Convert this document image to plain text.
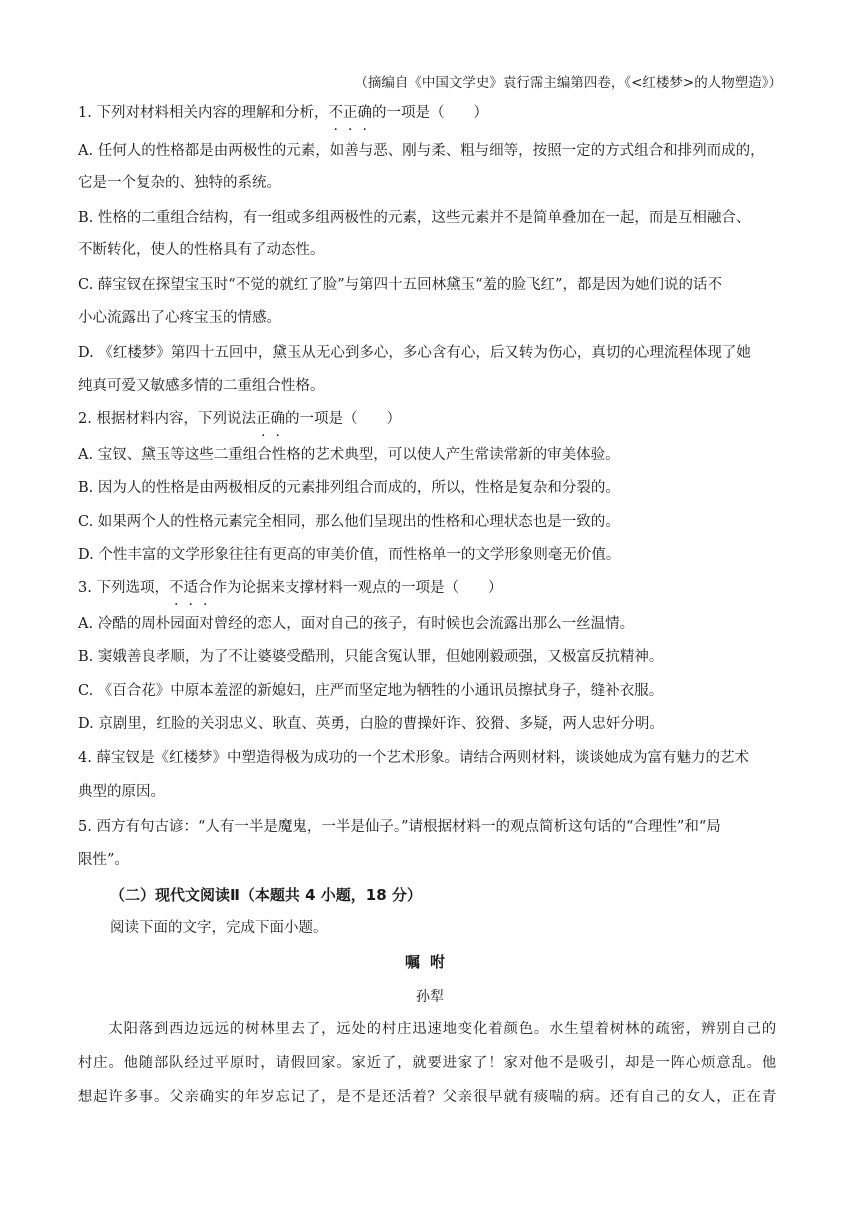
（摘编自《中国文学史》袁行霈主编第四卷，《<红楼梦>的人物塑造》）
1. 下列对材料相关内容的理解和分析，不正确的一项是（　　）
A. 任何人的性格都是由两极性的元素，如善与恶、刚与柔、粗与细等，按照一定的方式组合和排列而成的，
它是一个复杂的、独特的系统。
B. 性格的二重组合结构，有一组或多组两极性的元素，这些元素并不是简单叠加在一起，而是互相融合、
不断转化，使人的性格具有了动态性。
C. 薛宝钗在探望宝玉时“不觉的就红了脸”与第四十五回林黛玉“羞的脸飞红”，都是因为她们说的话不
小心流露出了心疼宝玉的情感。
D. 《红楼梦》第四十五回中，黛玉从无心到多心，多心含有心，后又转为伤心，真切的心理流程体现了她
纯真可爱又敏感多情的二重组合性格。
2. 根据材料内容，下列说法正确的一项是（　　）
A. 宝钗、黛玉等这些二重组合性格的艺术典型，可以使人产生常读常新的审美体验。
B. 因为人的性格是由两极相反的元素排列组合而成的，所以，性格是复杂和分裂的。
C. 如果两个人的性格元素完全相同，那么他们呈现出的性格和心理状态也是一致的。
D. 个性丰富的文学形象往往有更高的审美价值，而性格单一的文学形象则毫无价值。
3. 下列选项，不适合作为论据来支撑材料一观点的一项是（　　）
A. 冷酷的周朴园面对曾经的恋人，面对自己的孩子，有时候也会流露出那么一丝温情。
B. 窦娥善良孝顺，为了不让婆婆受酷刑，只能含冤认罪，但她刚毅顽强，又极富反抗精神。
C. 《百合花》中原本羞涩的新媳妇，庄严而坚定地为牺牲的小通讯员擦拭身子，缝补衣服。
D. 京剧里，红脸的关羽忠义、耿直、英勇，白脸的曹操奸诈、狡猾、多疑，两人忠奸分明。
4. 薛宝钗是《红楼梦》中塑造得极为成功的一个艺术形象。请结合两则材料，谈谈她成为富有魅力的艺术
典型的原因。
5. 西方有句古谚：“人有一半是魔鬼，一半是仙子。”请根据材料一的观点简析这句话的“合理性”和“局
限性”。
（二）现代文阅读Ⅱ（本题共 4 小题，18 分）
阅读下面的文字，完成下面小题。
嘱咐
孙犁
　　太阳落到西边远远的树林里去了，远处的村庄迅速地变化着颜色。水生望着树林的疏密，辨别自己的
村庄。他随部队经过平原时，请假回家。家近了，就要进家了！家对他不是吸引，却是一阵心烦意乱。他
想起许多事。父亲确实的年岁忘记了，是不是还活着？父亲很早就有痰喘的病。还有自己的女人，正在青
